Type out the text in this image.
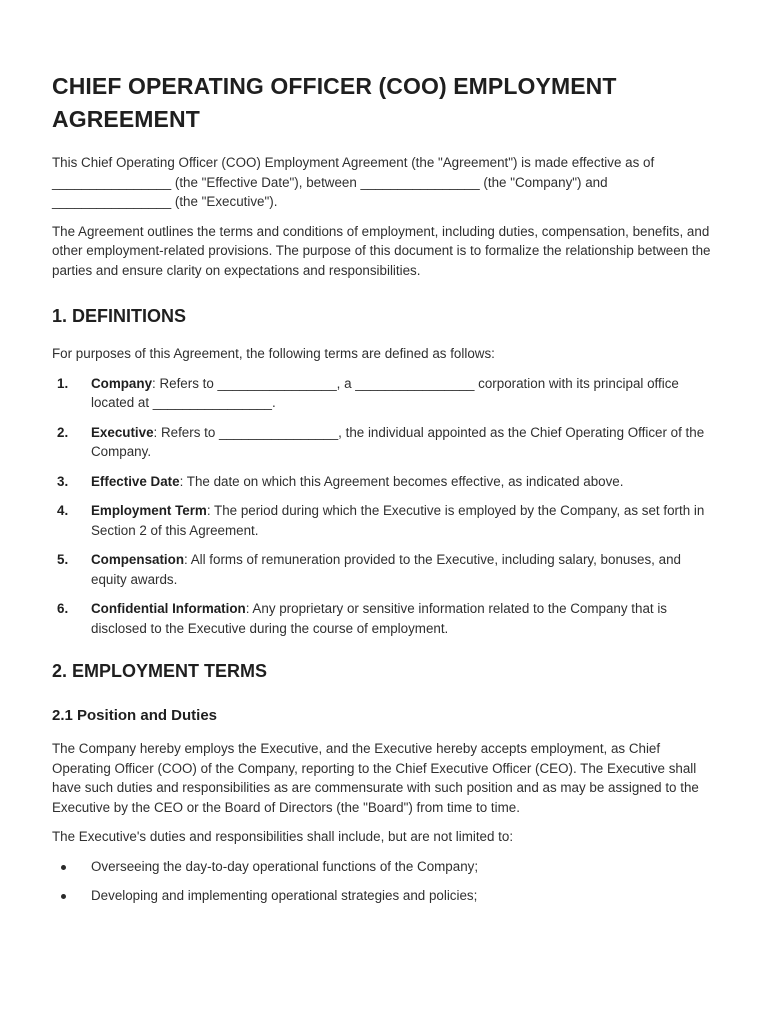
CHIEF OPERATING OFFICER (COO) EMPLOYMENT AGREEMENT

This Chief Operating Officer (COO) Employment Agreement (the "Agreement") is made effective as of ________________ (the "Effective Date"), between ________________ (the "Company") and ________________ (the "Executive").

The Agreement outlines the terms and conditions of employment, including duties, compensation, benefits, and other employment-related provisions. The purpose of this document is to formalize the relationship between the parties and ensure clarity on expectations and responsibilities.

1. DEFINITIONS

For purposes of this Agreement, the following terms are defined as follows:

1. Company: Refers to ________________, a ________________ corporation with its principal office located at ________________.
2. Executive: Refers to ________________, the individual appointed as the Chief Operating Officer of the Company.
3. Effective Date: The date on which this Agreement becomes effective, as indicated above.
4. Employment Term: The period during which the Executive is employed by the Company, as set forth in Section 2 of this Agreement.
5. Compensation: All forms of remuneration provided to the Executive, including salary, bonuses, and equity awards.
6. Confidential Information: Any proprietary or sensitive information related to the Company that is disclosed to the Executive during the course of employment.
2. EMPLOYMENT TERMS
2.1 Position and Duties

The Company hereby employs the Executive, and the Executive hereby accepts employment, as Chief Operating Officer (COO) of the Company, reporting to the Chief Executive Officer (CEO). The Executive shall have such duties and responsibilities as are commensurate with such position and as may be assigned to the Executive by the CEO or the Board of Directors (the "Board") from time to time.

The Executive's duties and responsibilities shall include, but are not limited to:

Overseeing the day-to-day operational functions of the Company;
Developing and implementing operational strategies and policies;
